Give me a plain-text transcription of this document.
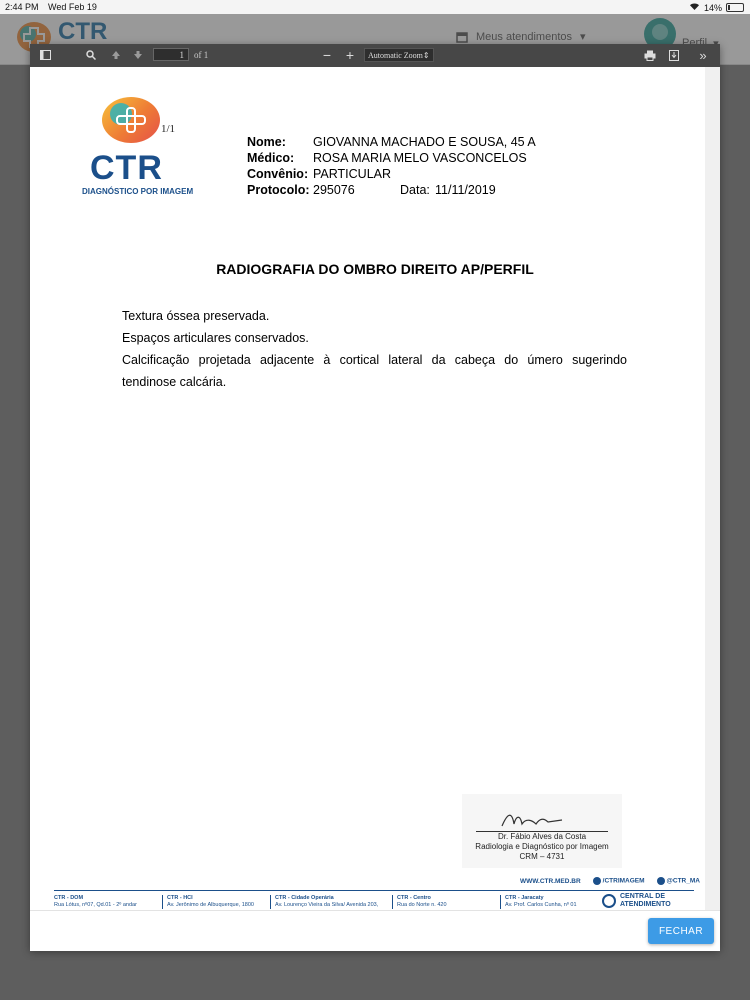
2:44 PM Wed Feb 19	14%
1	of 1	− +	Automatic Zoom⇕	»
CTR
DIAGNÓSTICO POR IMAGEM
1/1
Nome: GIOVANNA MACHADO E SOUSA, 45 A
Médico: ROSA MARIA MELO VASCONCELOS
Convênio: PARTICULAR
Protocolo: 295076	Data: 11/11/2019
RADIOGRAFIA DO OMBRO DIREITO AP/PERFIL

Textura óssea preservada.

Espaços articulares conservados.

Calcificação projetada adjacente à cortical lateral da cabeça do úmero sugerindo tendinose calcária.

Dr. Fábio Alves da Costa
Radiologia e Diagnóstico por Imagem
CRM – 4731
WWW.CTR.MED.BR	/CTRIMAGEM	@CTR_MA
CTR - DOM
Rua Lótus, nº07, Qd.01 - 2º andar
CTR - HCI
Av. Jerônimo de Albuquerque, 1800
CTR - Cidade Operária
Av. Lourenço Vieira da Silva/ Avenida 203,
CTR - Centro
Rua do Norte n. 420
CTR - Jaracaty
Av. Prof. Carlos Cunha, nº 01
CENTRAL DE ATENDIMENTO
FECHAR
